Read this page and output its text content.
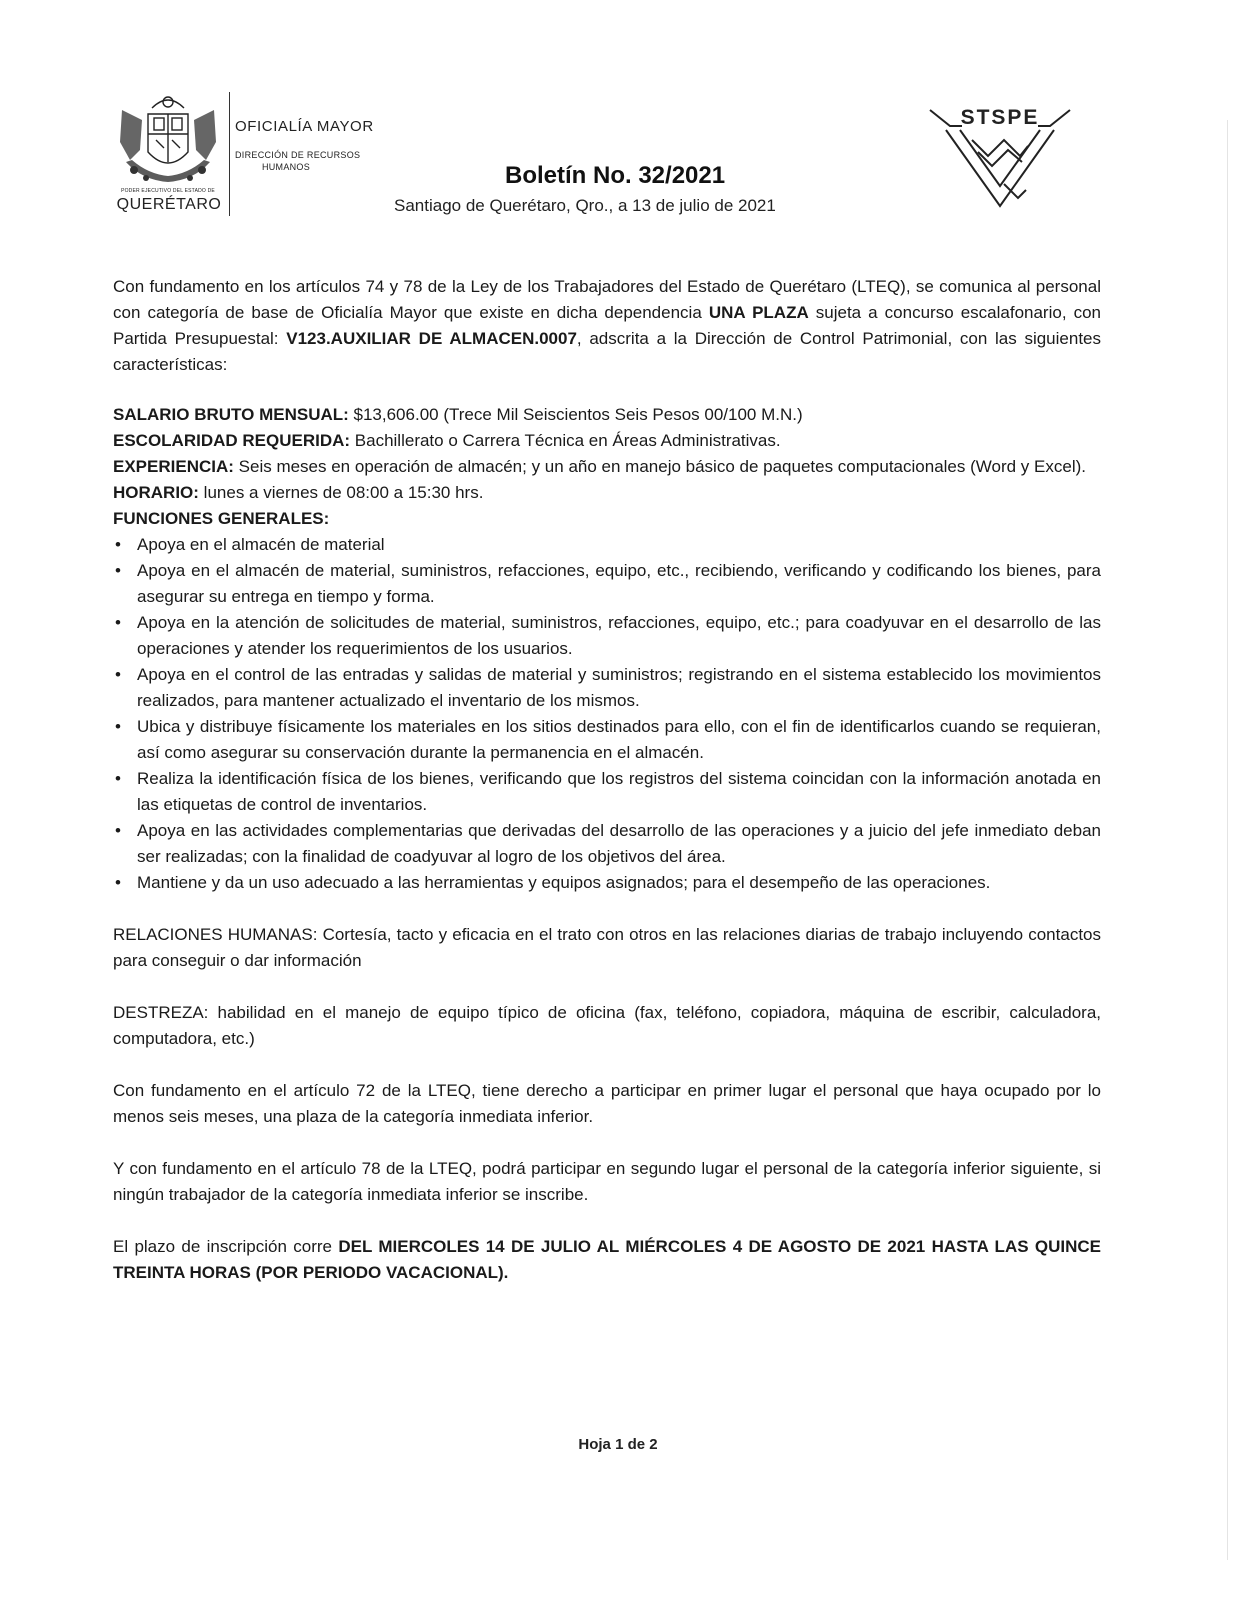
PODER EJECUTIVO DEL ESTADO DE
QUERÉTARO
OFICIALÍA MAYOR
DIRECCIÓN DE RECURSOS
HUMANOS	Boletín No. 32/2021
Santiago de Querétaro, Qro., a 13 de julio de 2021
STSPE

Con fundamento en los artículos 74 y 78 de la Ley de los Trabajadores del Estado de Querétaro (LTEQ), se comunica al personal con categoría de base de Oficialía Mayor que existe en dicha dependencia UNA PLAZA sujeta a concurso escalafonario, con Partida Presupuestal: V123.AUXILIAR DE ALMACEN.0007, adscrita a la Dirección de Control Patrimonial, con las siguientes características:

SALARIO BRUTO MENSUAL: $13,606.00 (Trece Mil Seiscientos Seis Pesos 00/100 M.N.)

ESCOLARIDAD REQUERIDA: Bachillerato o Carrera Técnica en Áreas Administrativas.

EXPERIENCIA: Seis meses en operación de almacén; y un año en manejo básico de paquetes computacionales (Word y Excel).

HORARIO: lunes a viernes de 08:00 a 15:30 hrs.

FUNCIONES GENERALES:

• Apoya en el almacén de material
• Apoya en el almacén de material, suministros, refacciones, equipo, etc., recibiendo, verificando y codificando los bienes, para asegurar su entrega en tiempo y forma.
• Apoya en la atención de solicitudes de material, suministros, refacciones, equipo, etc.; para coadyuvar en el desarrollo de las operaciones y atender los requerimientos de los usuarios.
• Apoya en el control de las entradas y salidas de material y suministros; registrando en el sistema establecido los movimientos realizados, para mantener actualizado el inventario de los mismos.
• Ubica y distribuye físicamente los materiales en los sitios destinados para ello, con el fin de identificarlos cuando se requieran, así como asegurar su conservación durante la permanencia en el almacén.
• Realiza la identificación física de los bienes, verificando que los registros del sistema coincidan con la información anotada en las etiquetas de control de inventarios.
• Apoya en las actividades complementarias que derivadas del desarrollo de las operaciones y a juicio del jefe inmediato deban ser realizadas; con la finalidad de coadyuvar al logro de los objetivos del área.
• Mantiene y da un uso adecuado a las herramientas y equipos asignados; para el desempeño de las operaciones.

RELACIONES HUMANAS: Cortesía, tacto y eficacia en el trato con otros en las relaciones diarias de trabajo incluyendo contactos para conseguir o dar información

DESTREZA: habilidad en el manejo de equipo típico de oficina (fax, teléfono, copiadora, máquina de escribir, calculadora, computadora, etc.)

Con fundamento en el artículo 72 de la LTEQ, tiene derecho a participar en primer lugar el personal que haya ocupado por lo menos seis meses, una plaza de la categoría inmediata inferior.

Y con fundamento en el artículo 78 de la LTEQ, podrá participar en segundo lugar el personal de la categoría inferior siguiente, si ningún trabajador de la categoría inmediata inferior se inscribe.

El plazo de inscripción corre DEL MIERCOLES 14 DE JULIO AL MIÉRCOLES 4 DE AGOSTO DE 2021 HASTA LAS QUINCE TREINTA HORAS (POR PERIODO VACACIONAL).

Hoja 1 de 2
